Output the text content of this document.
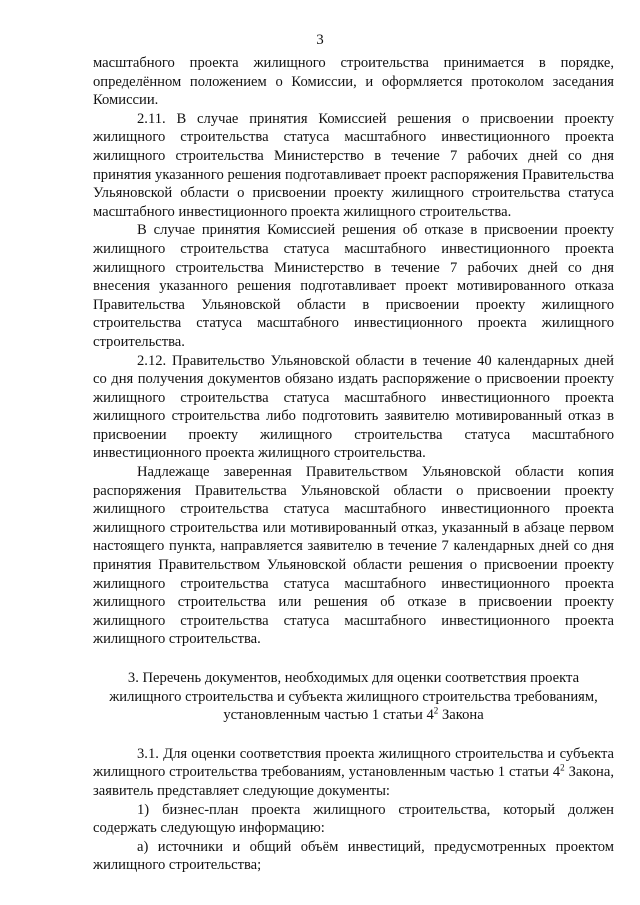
3

масштабного проекта жилищного строительства принимается в порядке, определённом положением о Комиссии, и оформляется протоколом заседания Комиссии.

2.11. В случае принятия Комиссией решения о присвоении проекту жилищного строительства статуса масштабного инвестиционного проекта жилищного строительства Министерство в течение 7 рабочих дней со дня принятия указанного решения подготавливает проект распоряжения Правительства Ульяновской области о присвоении проекту жилищного строительства статуса масштабного инвестиционного проекта жилищного строительства.

В случае принятия Комиссией решения об отказе в присвоении проекту жилищного строительства статуса масштабного инвестиционного проекта жилищного строительства Министерство в течение 7 рабочих дней со дня внесения указанного решения подготавливает проект мотивированного отказа Правительства Ульяновской области в присвоении проекту жилищного строительства статуса масштабного инвестиционного проекта жилищного строительства.

2.12. Правительство Ульяновской области в течение 40 календарных дней со дня получения документов обязано издать распоряжение о присвоении проекту жилищного строительства статуса масштабного инвестиционного проекта жилищного строительства либо подготовить заявителю мотивированный отказ в присвоении проекту жилищного строительства статуса масштабного инвестиционного проекта жилищного строительства.

Надлежаще заверенная Правительством Ульяновской области копия распоряжения Правительства Ульяновской области о присвоении проекту жилищного строительства статуса масштабного инвестиционного проекта жилищного строительства или мотивированный отказ, указанный в абзаце первом настоящего пункта, направляется заявителю в течение 7 календарных дней со дня принятия Правительством Ульяновской области решения о присвоении проекту жилищного строительства статуса масштабного инвестиционного проекта жилищного строительства или решения об отказе в присвоении проекту жилищного строительства статуса масштабного инвестиционного проекта жилищного строительства.

3. Перечень документов, необходимых для оценки соответствия проекта жилищного строительства и субъекта жилищного строительства требованиям, установленным частью 1 статьи $4^2$ Закона

3.1. Для оценки соответствия проекта жилищного строительства и субъекта жилищного строительства требованиям, установленным частью 1 статьи $4^2$ Закона, заявитель представляет следующие документы:

1) бизнес-план проекта жилищного строительства, который должен содержать следующую информацию:

а) источники и общий объём инвестиций, предусмотренных проектом жилищного строительства;
